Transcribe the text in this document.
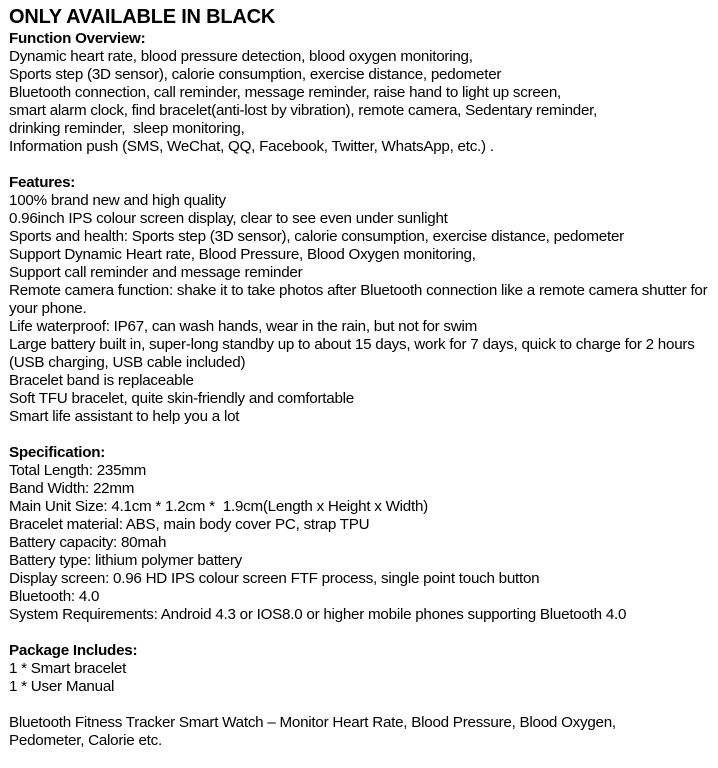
ONLY AVAILABLE IN BLACK
Function Overview:
Dynamic heart rate, blood pressure detection, blood oxygen monitoring,
Sports step (3D sensor), calorie consumption, exercise distance, pedometer
Bluetooth connection, call reminder, message reminder, raise hand to light up screen,
smart alarm clock, find bracelet(anti-lost by vibration), remote camera, Sedentary reminder,
drinking reminder,  sleep monitoring,
Information push (SMS, WeChat, QQ, Facebook, Twitter, WhatsApp, etc.) .
Features:
100% brand new and high quality
0.96inch IPS colour screen display, clear to see even under sunlight
Sports and health: Sports step (3D sensor), calorie consumption, exercise distance, pedometer
Support Dynamic Heart rate, Blood Pressure, Blood Oxygen monitoring,
Support call reminder and message reminder
Remote camera function: shake it to take photos after Bluetooth connection like a remote camera shutter for your phone.
Life waterproof: IP67, can wash hands, wear in the rain, but not for swim
Large battery built in, super-long standby up to about 15 days, work for 7 days, quick to charge for 2 hours (USB charging, USB cable included)
Bracelet band is replaceable
Soft TFU bracelet, quite skin-friendly and comfortable
Smart life assistant to help you a lot
Specification:
Total Length: 235mm
Band Width: 22mm
Main Unit Size: 4.1cm * 1.2cm *  1.9cm(Length x Height x Width)
Bracelet material: ABS, main body cover PC, strap TPU
Battery capacity: 80mah
Battery type: lithium polymer battery
Display screen: 0.96 HD IPS colour screen FTF process, single point touch button
Bluetooth: 4.0
System Requirements: Android 4.3 or IOS8.0 or higher mobile phones supporting Bluetooth 4.0
Package Includes:
1 * Smart bracelet
1 * User Manual
Bluetooth Fitness Tracker Smart Watch – Monitor Heart Rate, Blood Pressure, Blood Oxygen,
Pedometer, Calorie etc.
